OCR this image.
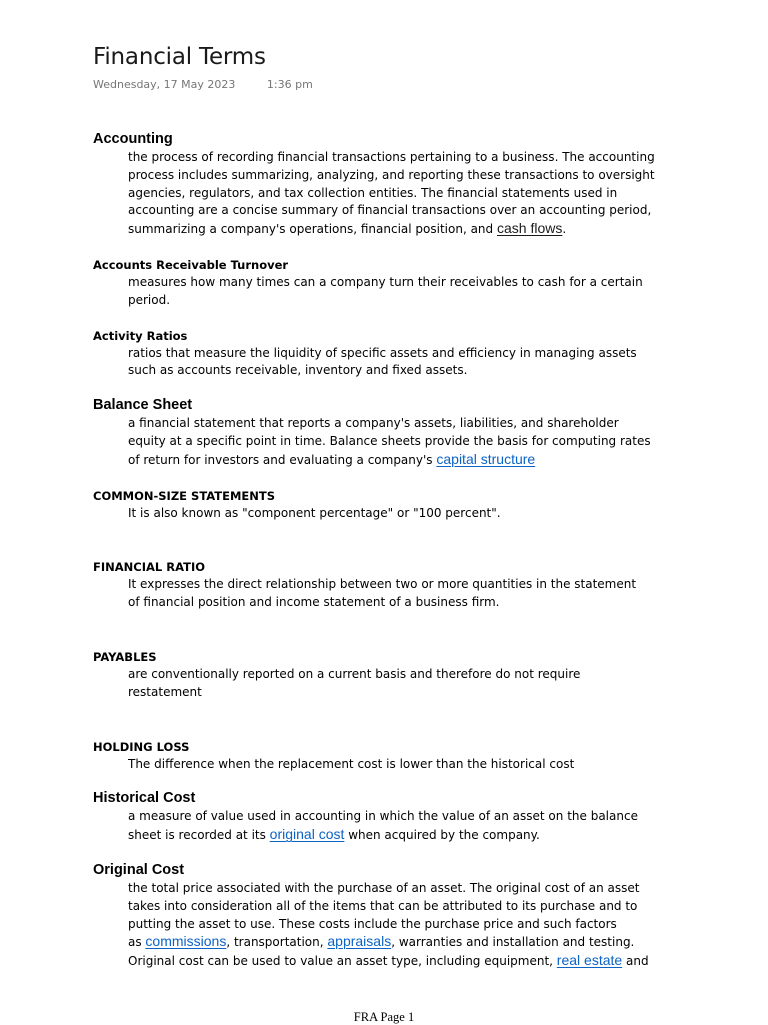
Financial Terms
Wednesday, 17 May 2023	1:36 pm
Accounting
the process of recording financial transactions pertaining to a business. The accounting
process includes summarizing, analyzing, and reporting these transactions to oversight
agencies, regulators, and tax collection entities. The financial statements used in
accounting are a concise summary of financial transactions over an accounting period,
summarizing a company's operations, financial position, and cash flows.
Accounts Receivable Turnover
measures how many times can a company turn their receivables to cash for a certain
period.
Activity Ratios
ratios that measure the liquidity of specific assets and efficiency in managing assets
such as accounts receivable, inventory and fixed assets.
Balance Sheet
a financial statement that reports a company's assets, liabilities, and shareholder
equity at a specific point in time. Balance sheets provide the basis for computing rates
of return for investors and evaluating a company's capital structure
COMMON-SIZE STATEMENTS
It is also known as "component percentage" or "100 percent".
FINANCIAL RATIO
It expresses the direct relationship between two or more quantities in the statement
of financial position and income statement of a business firm.
PAYABLES
are conventionally reported on a current basis and therefore do not require
restatement
HOLDING LOSS
The difference when the replacement cost is lower than the historical cost
Historical Cost
a measure of value used in accounting in which the value of an asset on the balance
sheet is recorded at its original cost when acquired by the company.
Original Cost
the total price associated with the purchase of an asset. The original cost of an asset
takes into consideration all of the items that can be attributed to its purchase and to
putting the asset to use. These costs include the purchase price and such factors
as commissions, transportation, appraisals, warranties and installation and testing.
Original cost can be used to value an asset type, including equipment, real estate and
FRA Page 1
